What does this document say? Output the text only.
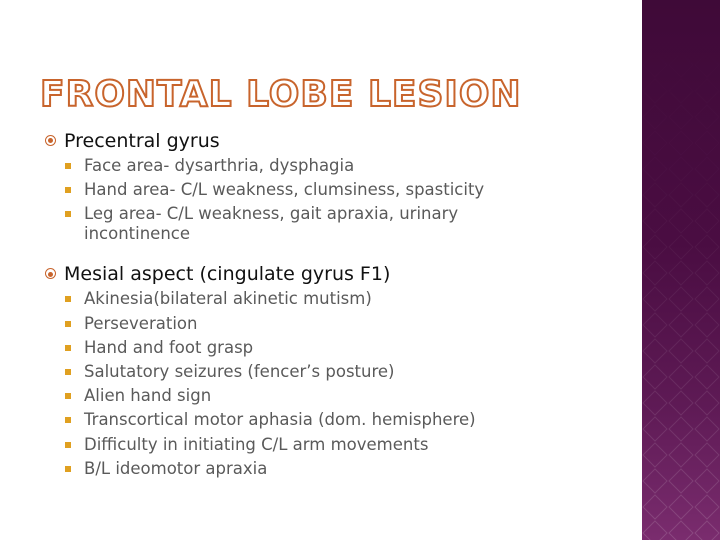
FRONTAL LOBE LESION
Precentral gyrus
Face area- dysarthria, dysphagia
Hand area- C/L weakness, clumsiness, spasticity
Leg area- C/L weakness, gait apraxia, urinary incontinence
Mesial aspect (cingulate gyrus F1)
Akinesia(bilateral akinetic mutism)
Perseveration
Hand and foot grasp
Salutatory seizures (fencer’s posture)
Alien hand sign
Transcortical motor aphasia (dom. hemisphere)
Difficulty in initiating C/L arm movements
B/L ideomotor apraxia
